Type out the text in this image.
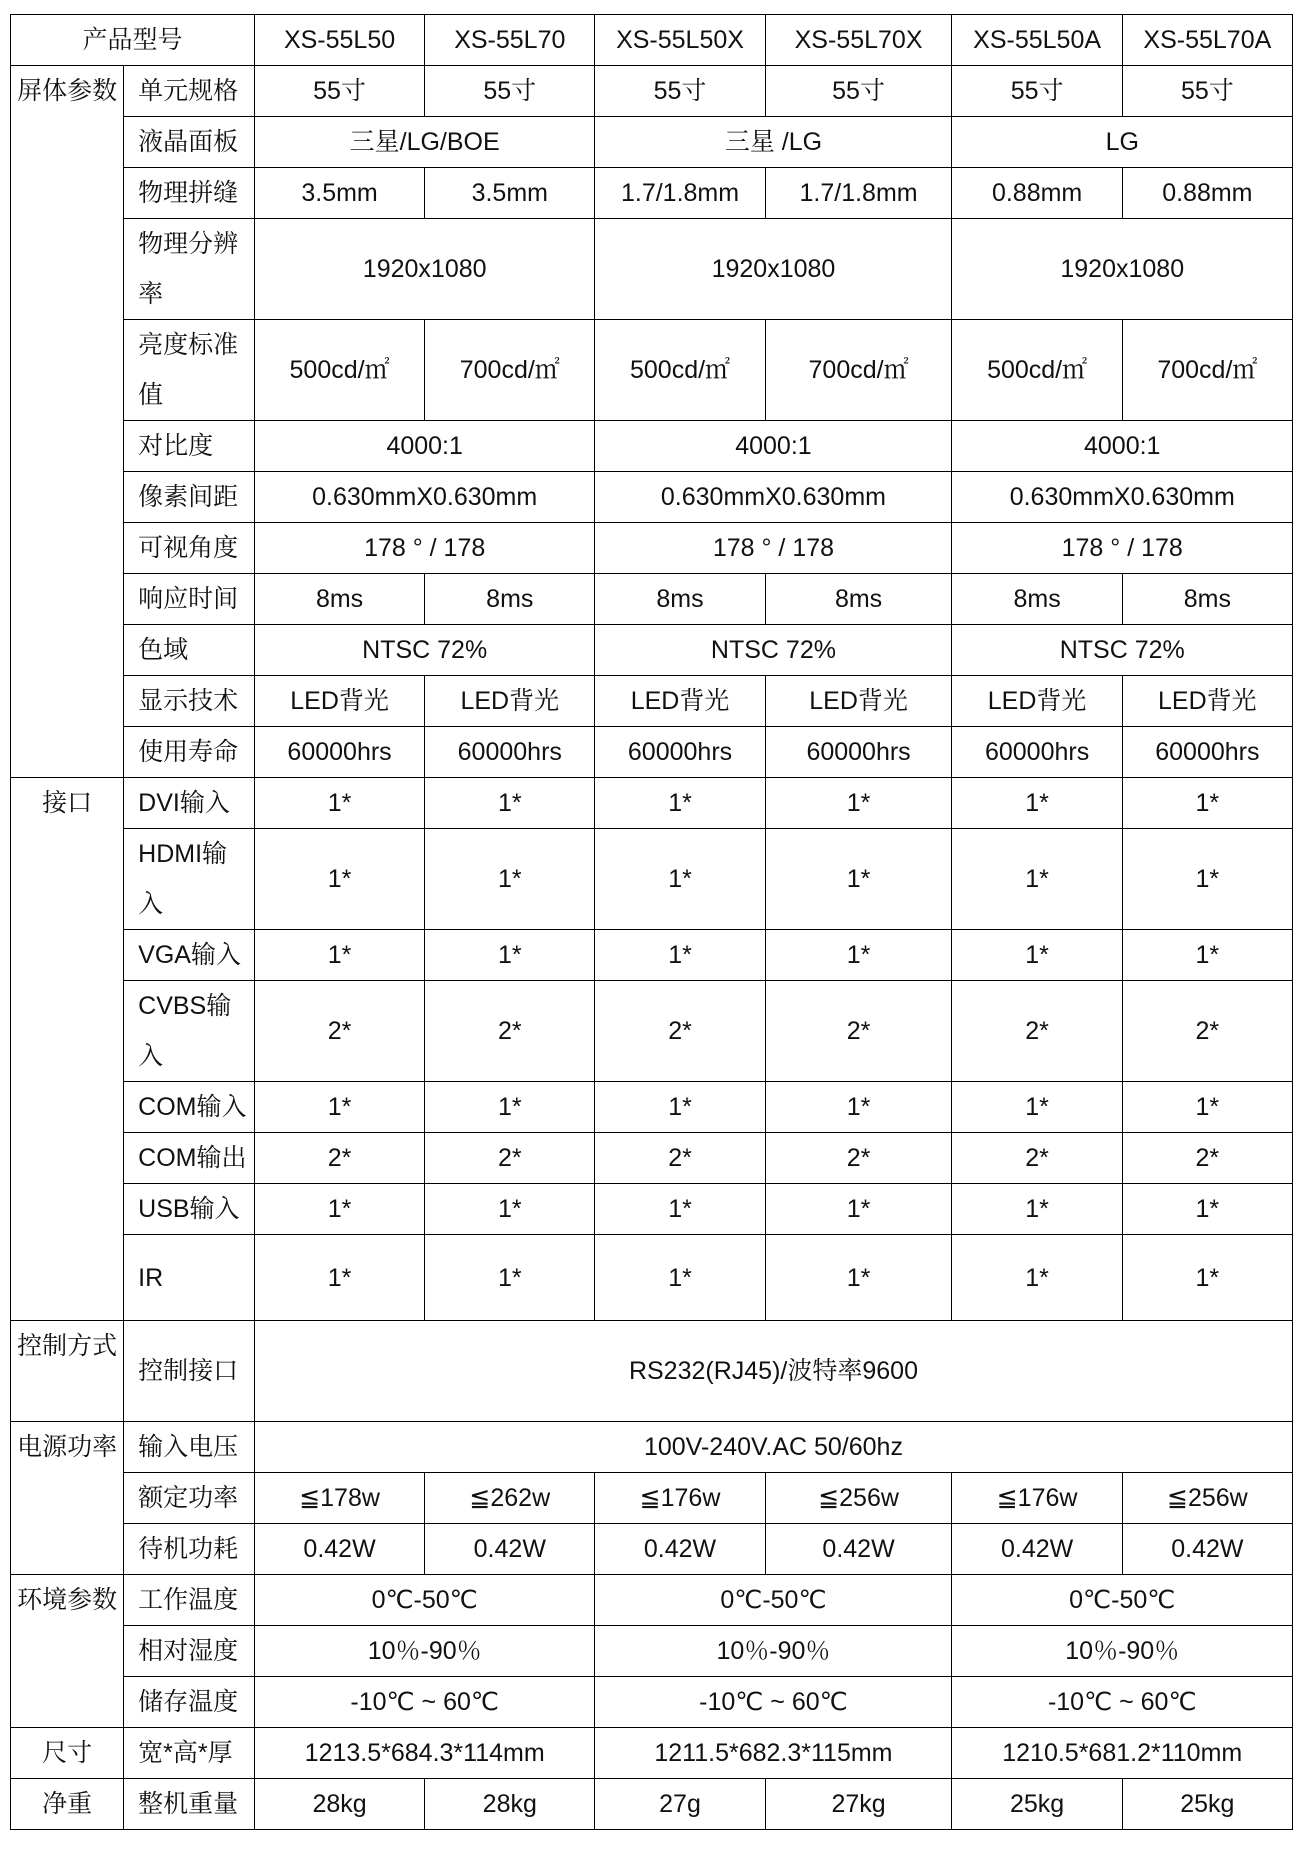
产品型号		XS-55L50	XS-55L70	XS-55L50X	XS-55L70X	XS-55L50A	XS-55L70A
屏体参数	单元规格	55寸	55寸	55寸	55寸	55寸	55寸
	液晶面板	三星/LG/BOE		三星 /LG		LG	
	物理拼缝	3.5mm	3.5mm	1.7/1.8mm	1.7/1.8mm	0.88mm	0.88mm
	物理分辨率	1920x1080		1920x1080		1920x1080	
	亮度标准值	500cd/㎡	700cd/㎡	500cd/㎡	700cd/㎡	500cd/㎡	700cd/㎡
	对比度	4000:1		4000:1		4000:1	
	像素间距	0.630mmX0.630mm		0.630mmX0.630mm		0.630mmX0.630mm	
	可视角度	178 ° / 178		178 ° / 178		178 ° / 178	
	响应时间	8ms	8ms	8ms	8ms	8ms	8ms
	色域	NTSC 72%		NTSC 72%		NTSC 72%	
	显示技术	LED背光	LED背光	LED背光	LED背光	LED背光	LED背光
	使用寿命	60000hrs	60000hrs	60000hrs	60000hrs	60000hrs	60000hrs
接口	DVI输入	1*	1*	1*	1*	1*	1*
	HDMI输入	1*	1*	1*	1*	1*	1*
	VGA输入	1*	1*	1*	1*	1*	1*
	CVBS输入	2*	2*	2*	2*	2*	2*
	COM输入	1*	1*	1*	1*	1*	1*
	COM输出	2*	2*	2*	2*	2*	2*
	USB输入	1*	1*	1*	1*	1*	1*
	IR	1*	1*	1*	1*	1*	1*
控制方式	控制接口	RS232(RJ45)/波特率9600					
电源功率	输入电压	100V-240V.AC 50/60hz					
	额定功率	≦178w	≦262w	≦176w	≦256w	≦176w	≦256w
	待机功耗	0.42W	0.42W	0.42W	0.42W	0.42W	0.42W
环境参数	工作温度	0℃-50℃		0℃-50℃		0℃-50℃	
	相对湿度	10％-90％		10％-90％		10％-90％	
	储存温度	-10℃ ~ 60℃		-10℃ ~ 60℃		-10℃ ~ 60℃	
尺寸	宽*高*厚	1213.5*684.3*114mm		1211.5*682.3*115mm		1210.5*681.2*110mm	
净重	整机重量	28kg	28kg	27g	27kg	25kg	25kg
